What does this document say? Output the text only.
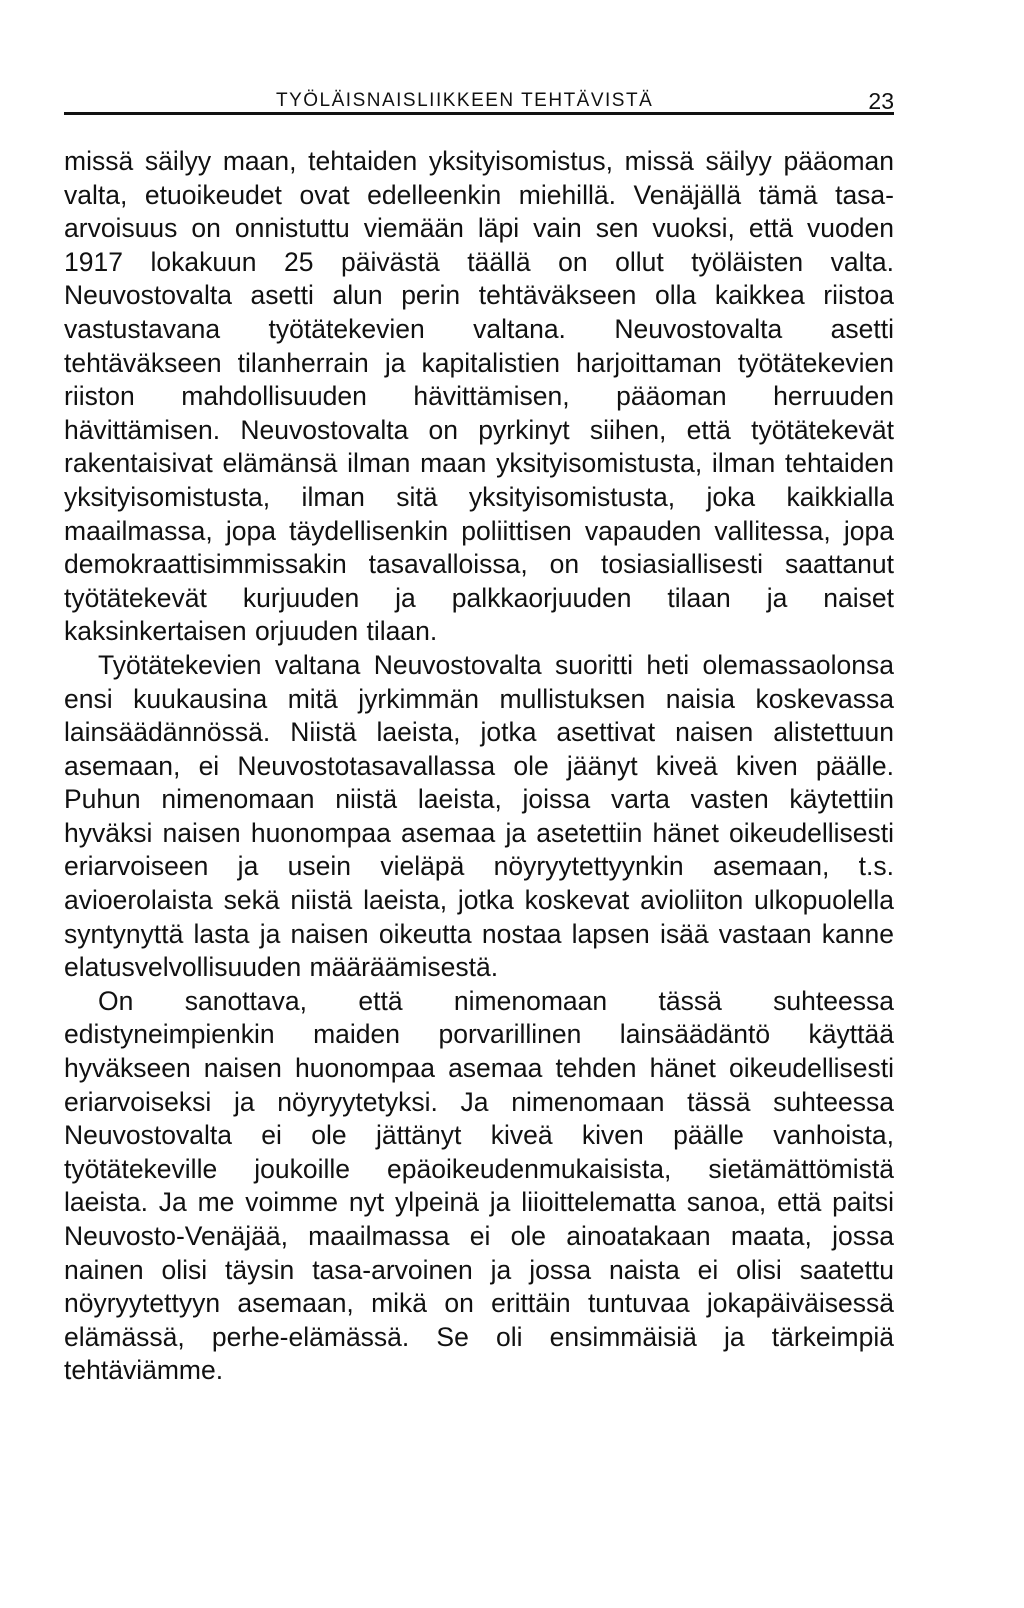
TYÖLÄISNAISLIIKKEEN TEHTÄVISTÄ	23

missä säilyy maan, tehtaiden yksityisomistus, missä säilyy pääoman valta, etuoikeudet ovat edelleenkin miehillä. Venäjällä tämä tasa-arvoisuus on onnistuttu viemään läpi vain sen vuoksi, että vuoden 1917 lokakuun 25 päivästä täällä on ollut työläisten valta. Neuvostovalta asetti alun perin tehtäväkseen olla kaikkea riistoa vastustavana työtätekevien valtana. Neuvostovalta asetti tehtäväkseen tilanherrain ja kapitalistien harjoittaman työtätekevien riiston mahdollisuuden hävittämisen, pääoman herruuden hävittämisen. Neuvostovalta on pyrkinyt siihen, että työtätekevät rakentaisivat elämänsä ilman maan yksityisomistusta, ilman tehtaiden yksityisomistusta, ilman sitä yksityisomistusta, joka kaikkialla maailmassa, jopa täydellisenkin poliittisen vapauden vallitessa, jopa demokraattisimmissakin tasavalloissa, on tosiasiallisesti saattanut työtätekevät kurjuuden ja palkkaorjuuden tilaan ja naiset kaksinkertaisen orjuuden tilaan.

Työtätekevien valtana Neuvostovalta suoritti heti olemassaolonsa ensi kuukausina mitä jyrkimmän mullistuksen naisia koskevassa lainsäädännössä. Niistä laeista, jotka asettivat naisen alistettuun asemaan, ei Neuvostotasavallassa ole jäänyt kiveä kiven päälle. Puhun nimenomaan niistä laeista, joissa varta vasten käytettiin hyväksi naisen huonompaa asemaa ja asetettiin hänet oikeudellisesti eriarvoiseen ja usein vieläpä nöyryytettyynkin asemaan, t.s. avioerolaista sekä niistä laeista, jotka koskevat avioliiton ulkopuolella syntynyttä lasta ja naisen oikeutta nostaa lapsen isää vastaan kanne elatusvelvollisuuden määräämisestä.

On sanottava, että nimenomaan tässä suhteessa edistyneimpienkin maiden porvarillinen lainsäädäntö käyttää hyväkseen naisen huonompaa asemaa tehden hänet oikeudellisesti eriarvoiseksi ja nöyryytetyksi. Ja nimenomaan tässä suhteessa Neuvostovalta ei ole jättänyt kiveä kiven päälle vanhoista, työtätekeville joukoille epäoikeudenmukaisista, sietämättömistä laeista. Ja me voimme nyt ylpeinä ja liioittelematta sanoa, että paitsi Neuvosto-Venäjää, maailmassa ei ole ainoatakaan maata, jossa nainen olisi täysin tasa-arvoinen ja jossa naista ei olisi saatettu nöyryytettyyn asemaan, mikä on erittäin tuntuvaa jokapäiväisessä elämässä, perhe-elämässä. Se oli ensimmäisiä ja tärkeimpiä tehtäviämme.
